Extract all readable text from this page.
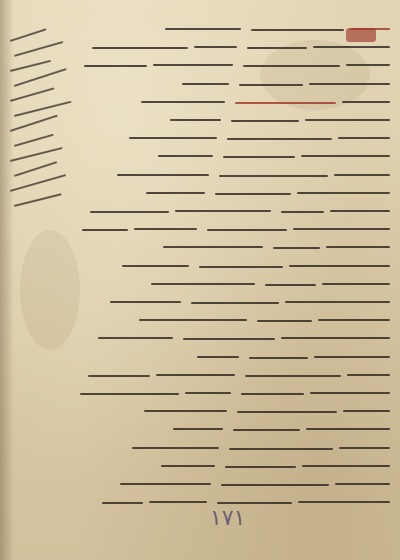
١٧١
